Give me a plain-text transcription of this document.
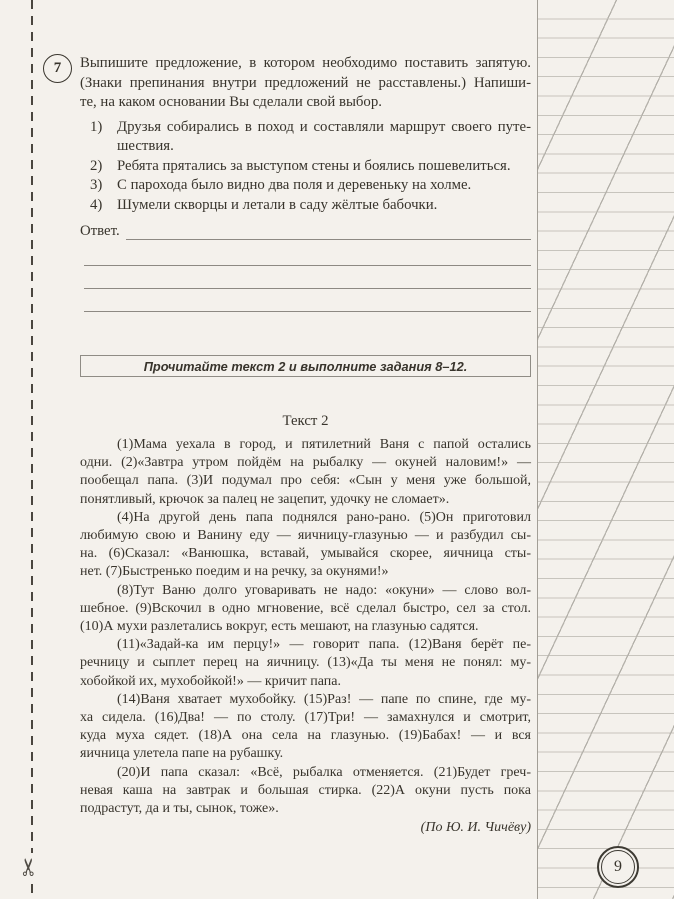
✂	9
7 Выпишите предложение, в котором необходимо поставить запятую.
(Знаки препинания внутри предложений не расставлены.) Напиши-
те, на каком основании Вы сделали свой выбор.
1) Друзья собирались в поход и составляли маршрут своего путе-
шествия.
2) Ребята прятались за выступом стены и боялись пошевелиться.
3) С парохода было видно два поля и деревеньку на холме.
4) Шумели скворцы и летали в саду жёлтые бабочки.
Ответ.
Прочитайте текст 2 и выполните задания 8–12.
Текст 2
(1)Мама уехала в город, и пятилетний Ваня с папой остались
одни. (2)«Завтра утром пойдём на рыбалку — окуней наловим!» —
пообещал папа. (3)И подумал про себя: «Сын у меня уже большой,
понятливый, крючок за палец не зацепит, удочку не сломает».
(4)На другой день папа поднялся рано-рано. (5)Он приготовил
любимую свою и Ванину еду — яичницу-глазунью — и разбудил сы-
на. (6)Сказал: «Ванюшка, вставай, умывайся скорее, яичница сты-
нет. (7)Быстренько поедим и на речку, за окунями!»
(8)Тут Ваню долго уговаривать не надо: «окуни» — слово вол-
шебное. (9)Вскочил в одно мгновение, всё сделал быстро, сел за стол.
(10)А мухи разлетались вокруг, есть мешают, на глазунью садятся.
(11)«Задай-ка им перцу!» — говорит папа. (12)Ваня берёт пе-
речницу и сыплет перец на яичницу. (13)«Да ты меня не понял: му-
хобойкой их, мухобойкой!» — кричит папа.
(14)Ваня хватает мухобойку. (15)Раз! — папе по спине, где му-
ха сидела. (16)Два! — по столу. (17)Три! — замахнулся и смотрит,
куда муха сядет. (18)А она села на глазунью. (19)Бабах! — и вся
яичница улетела папе на рубашку.
(20)И папа сказал: «Всё, рыбалка отменяется. (21)Будет греч-
невая каша на завтрак и большая стирка. (22)А окуни пусть пока
подрастут, да и ты, сынок, тоже».
(По Ю. И. Чичёву)
